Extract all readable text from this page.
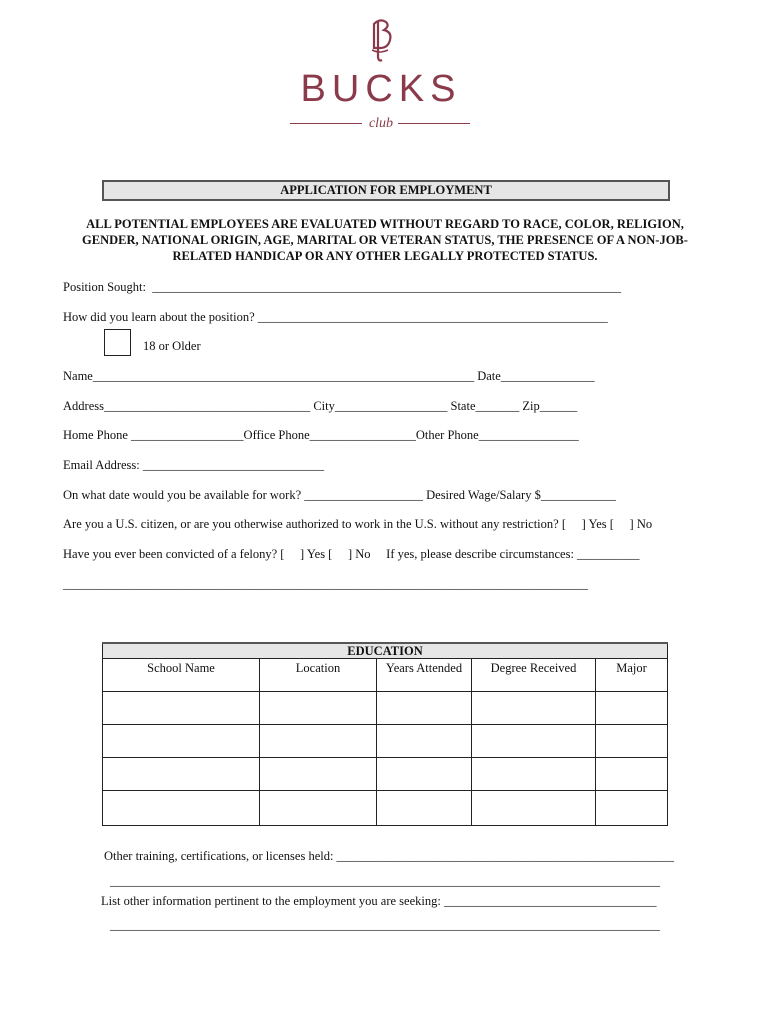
BUCKS
club
APPLICATION FOR EMPLOYMENT
ALL POTENTIAL EMPLOYEES ARE EVALUATED WITHOUT REGARD TO RACE, COLOR, RELIGION, GENDER, NATIONAL ORIGIN, AGE, MARITAL OR VETERAN STATUS, THE PRESENCE OF A NON-JOB-RELATED HANDICAP OR ANY OTHER LEGALLY PROTECTED STATUS.
Position Sought:  ___________________________________________________________________________
How did you learn about the position? ________________________________________________________
18 or Older
Name_____________________________________________________________ Date_______________
Address_________________________________ City__________________ State_______ Zip______
Home Phone __________________Office Phone_________________Other Phone________________
Email Address: _____________________________
On what date would you be available for work? ___________________ Desired Wage/Salary $____________
Are you a U.S. citizen, or are you otherwise authorized to work in the U.S. without any restriction? [     ] Yes [     ] No
Have you ever been convicted of a felony? [     ] Yes [     ] No     If yes, please describe circumstances: __________
____________________________________________________________________________________
EDUCATION				
School Name	Location	Years Attended	Degree Received	Major

Other training, certifications, or licenses held: ______________________________________________________
________________________________________________________________________________________
List other information pertinent to the employment you are seeking: __________________________________
________________________________________________________________________________________
